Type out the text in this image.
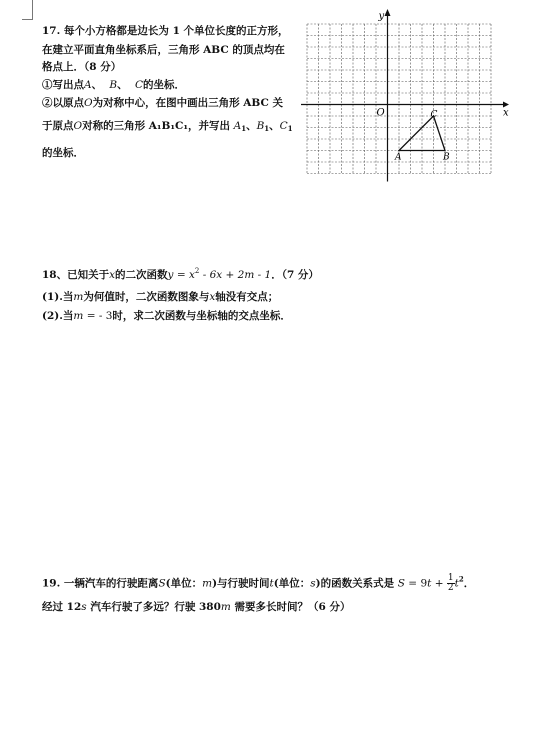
17. 每个小方格都是边长为 1 个单位长度的正方形，
在建立平面直角坐标系后，三角形 ABC 的顶点均在
格点上．（8 分）
①写出点A、 B、 C的坐标．
②以原点O为对称中心，在图中画出三角形 ABC 关
于原点O对称的三角形 A₁B₁C₁，并写出 $A_1$、$B_1$、$C_1$
的坐标．
x
y
O
A	B
C
18、已知关于x的二次函数$y = x^2 - 6x + 2m - 1$．（7 分）
(1).当m为何值时，二次函数图象与x轴没有交点；
(2).当m = - 3时，求二次函数与坐标轴的交点坐标．
19. 一辆汽车的行驶距离S(单位：m)与行驶时间t(单位：s)的函数关系式是 $S = 9t + \frac{1}{2} t^2$．
经过 12s 汽车行驶了多远？行驶 380m 需要多长时间？（6 分）
